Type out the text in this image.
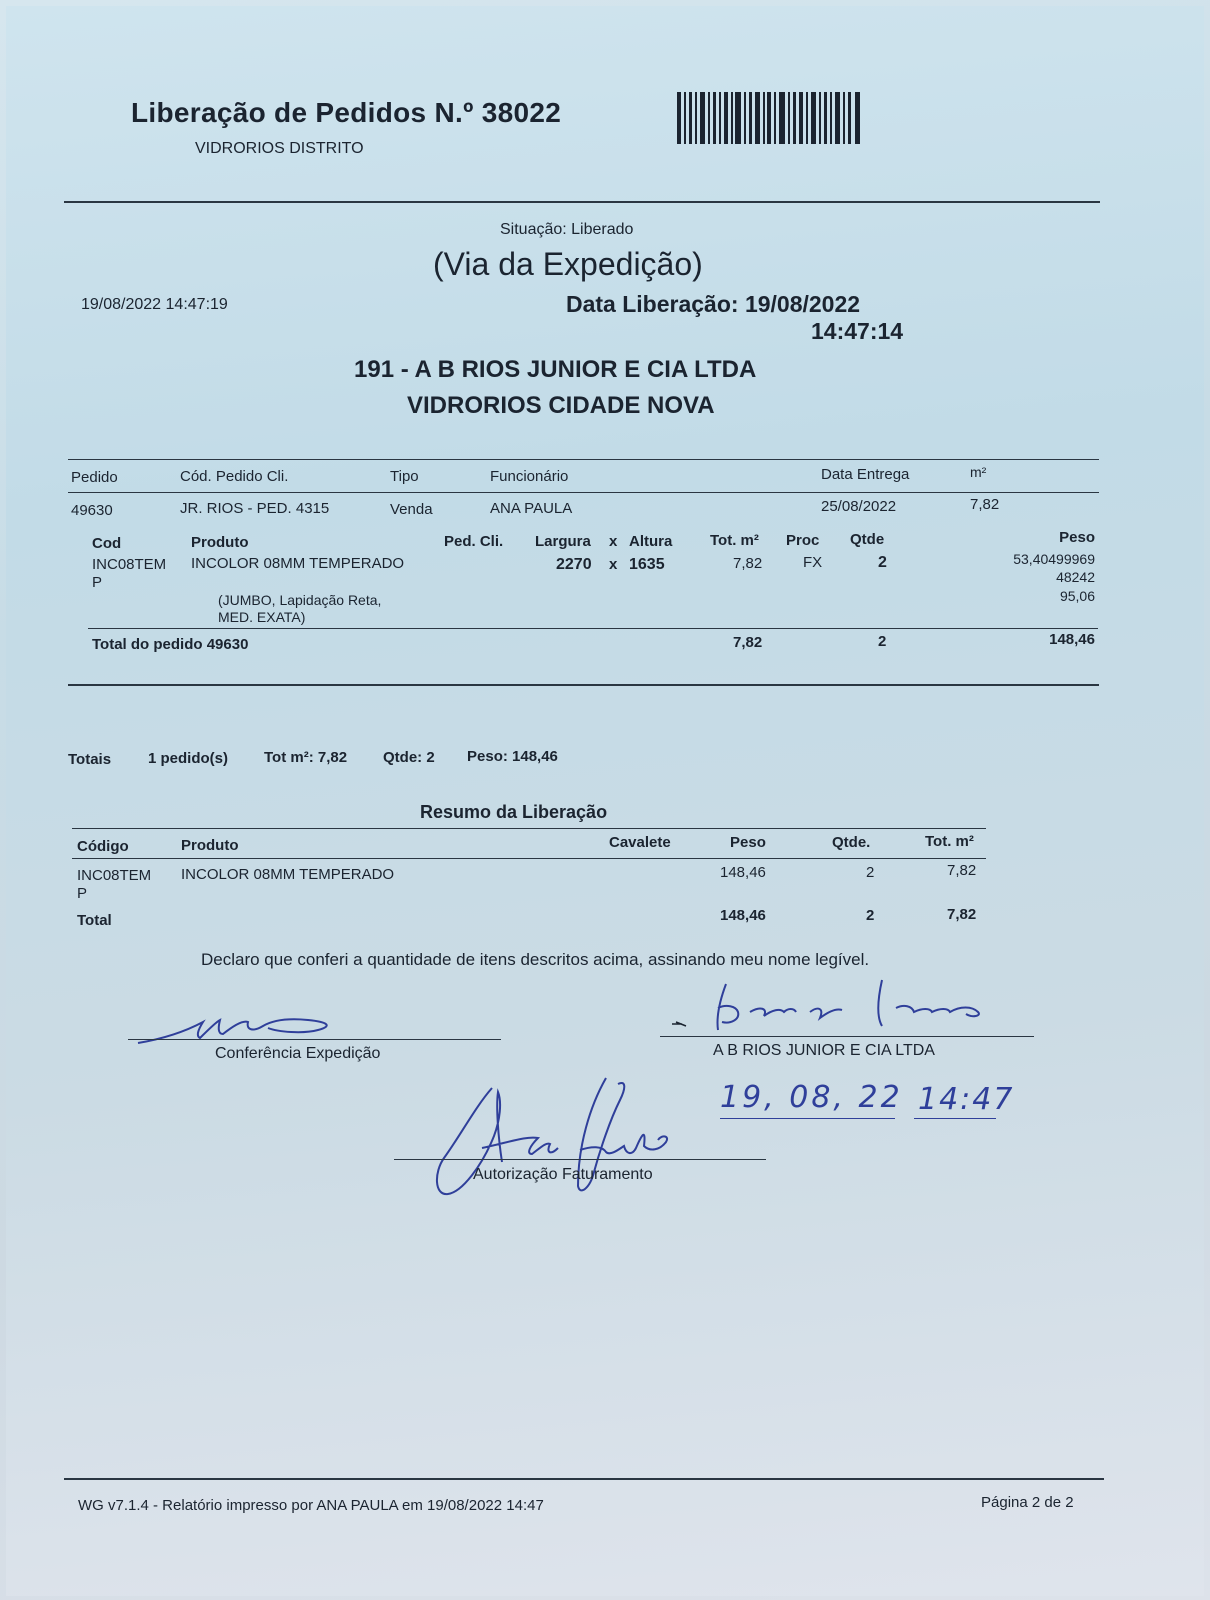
Liberação de Pedidos N.º 38022
VIDRORIOS DISTRITO
Situação: Liberado
(Via da Expedição)
19/08/2022 14:47:19	Data Liberação: 19/08/2022
14:47:14
191 - A B RIOS JUNIOR E CIA LTDA
VIDRORIOS CIDADE NOVA
Pedido	Cód. Pedido Cli.	Tipo	Funcionário	Data Entrega	m²
49630	JR. RIOS - PED. 4315	Venda	ANA PAULA	25/08/2022	7,82
Cod	Produto	Ped. Cli. Largura x Altura	Tot. m² Proc Qtde	Peso
INC08TEM
P
INCOLOR 08MM TEMPERADO
(JUMBO, Lapidação Reta,
MED. EXATA)
2270 x 1635	7,82	FX	2	53,40499969
48242
95,06
Total do pedido 49630	7,82	2	148,46
Totais 1 pedido(s) Tot m²: 7,82 Qtde: 2 Peso: 148,46
Resumo da Liberação
Código	Produto	Cavalete	Peso	Qtde.	Tot. m²
INC08TEM
P
INCOLOR 08MM TEMPERADO	148,46	2	7,82
Total	148,46	2	7,82
Declaro que conferi a quantidade de itens descritos acima, assinando meu nome legível.
Conferência Expedição	A B RIOS JUNIOR E CIA LTDA
19, 08, 22 14:47
Autorização Faturamento
WG v7.1.4 - Relatório impresso por ANA PAULA em 19/08/2022 14:47	Página 2 de 2
